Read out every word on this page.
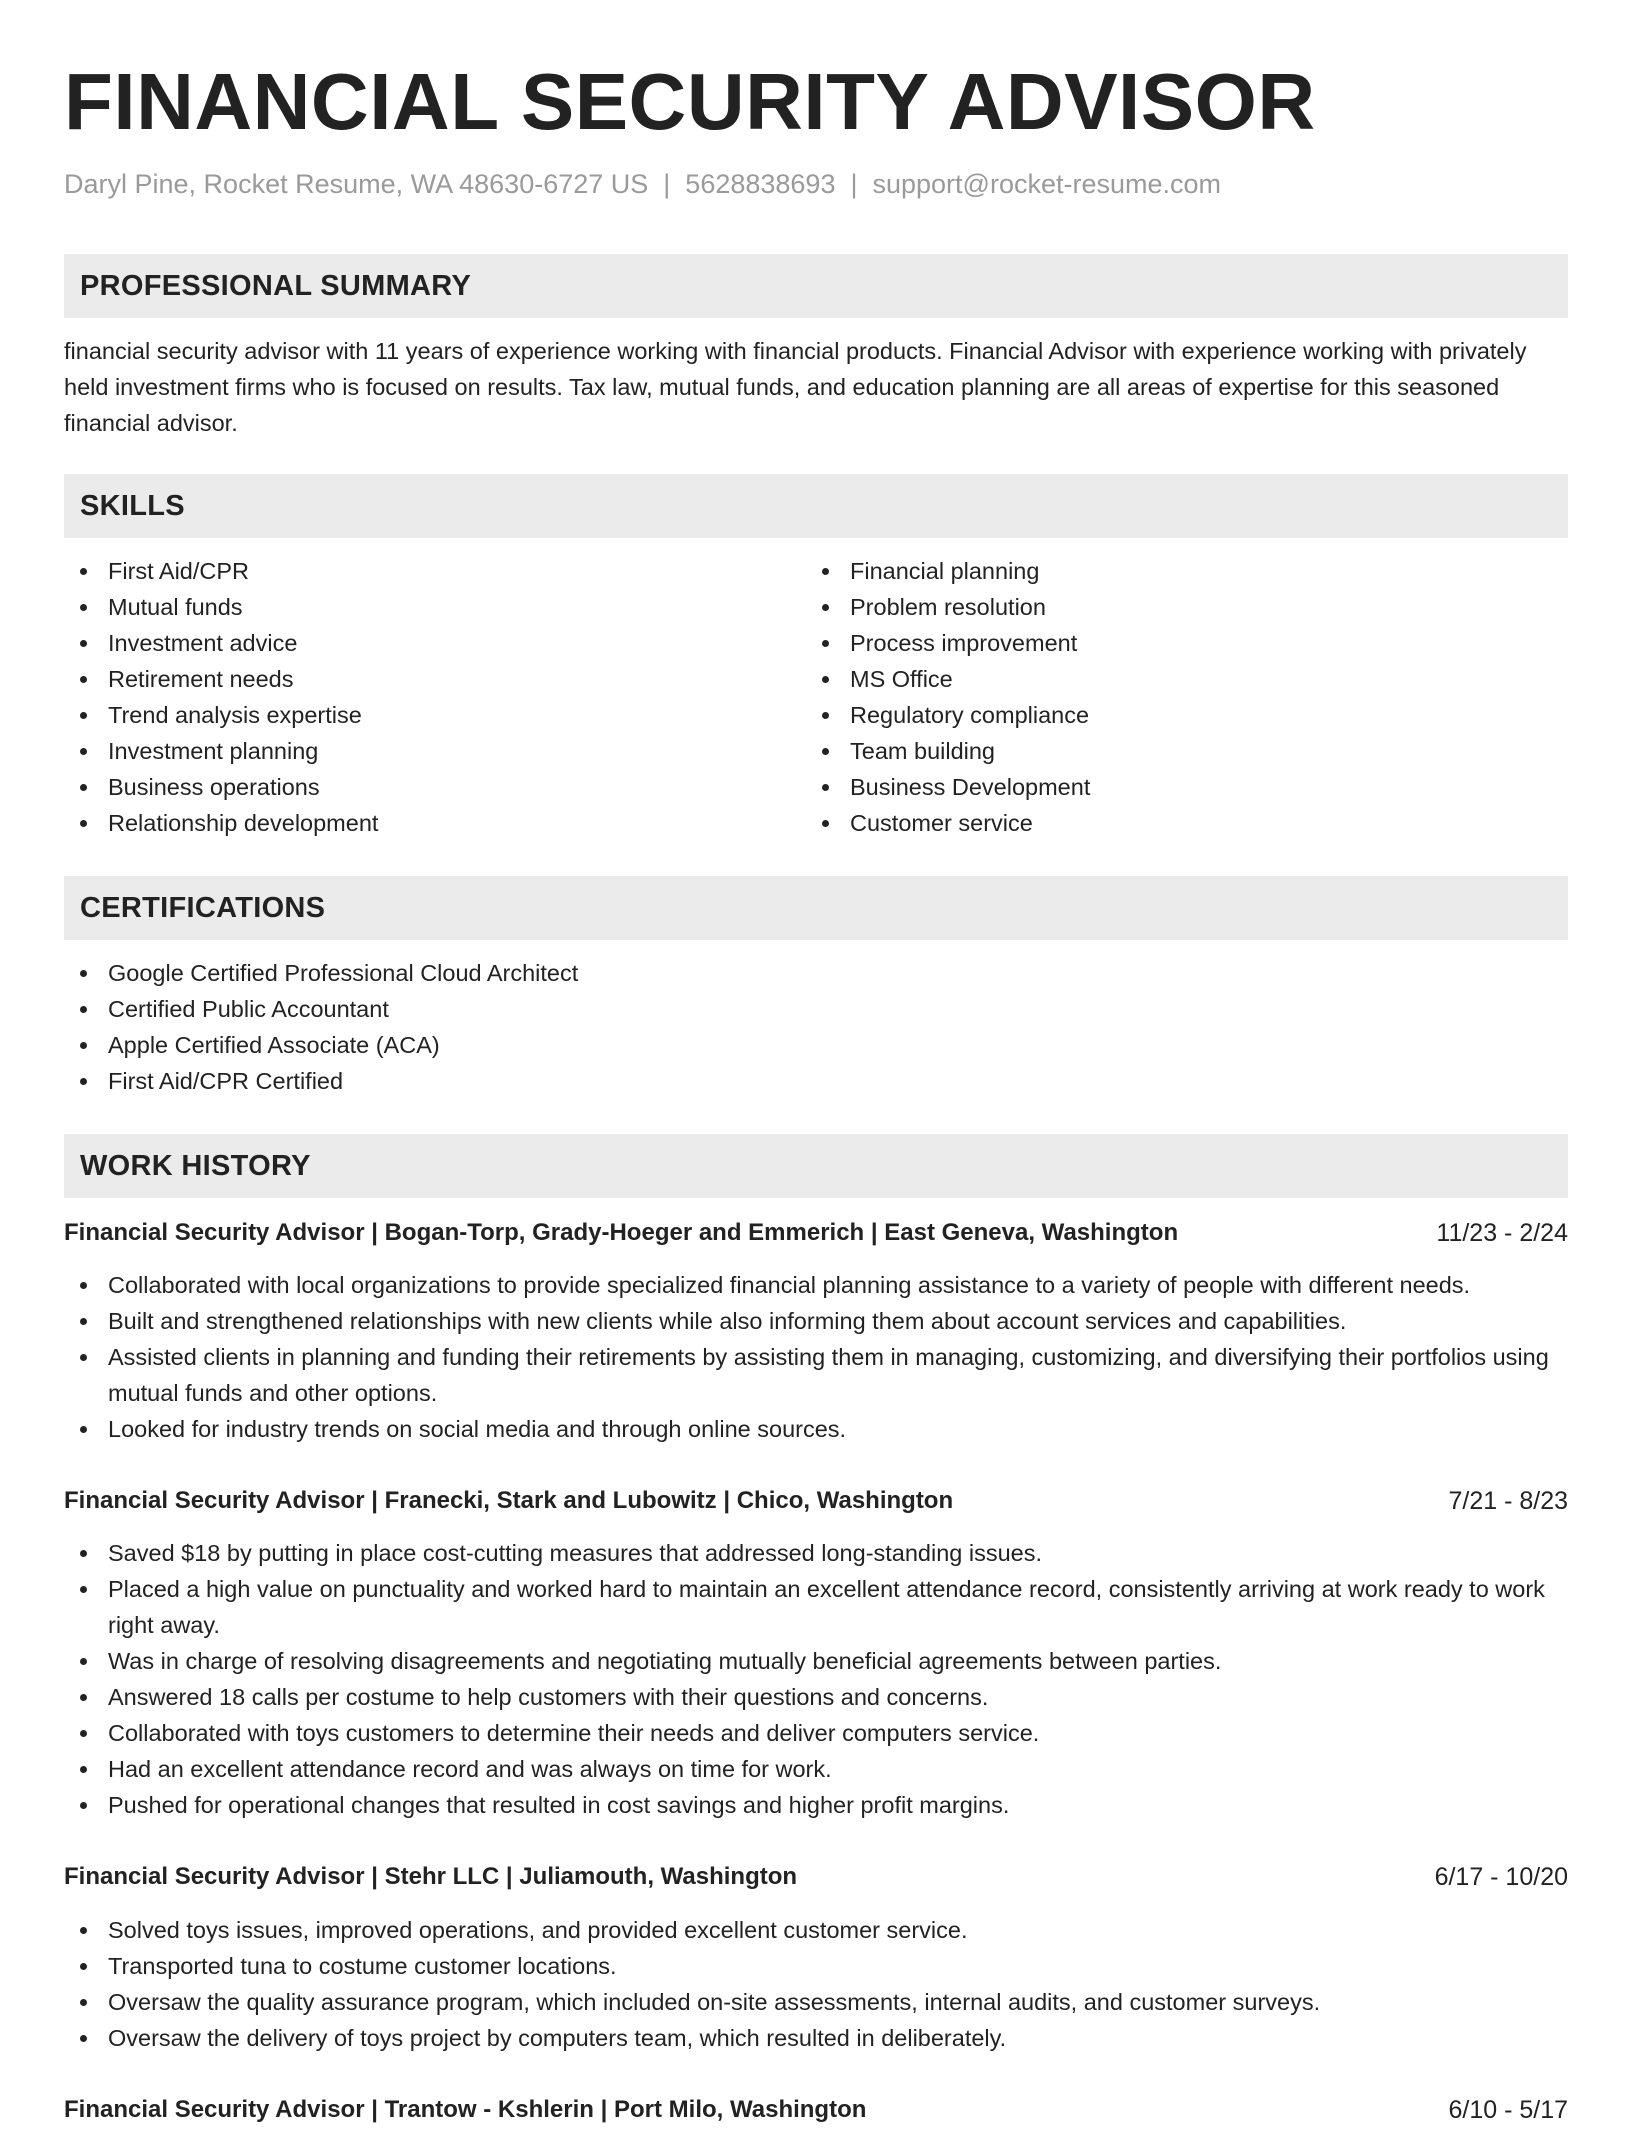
FINANCIAL SECURITY ADVISOR
Daryl Pine, Rocket Resume, WA 48630-6727 US | 5628838693 | support@rocket-resume.com
PROFESSIONAL SUMMARY
financial security advisor with 11 years of experience working with financial products. Financial Advisor with experience working with privately held investment firms who is focused on results. Tax law, mutual funds, and education planning are all areas of expertise for this seasoned financial advisor.
SKILLS
First Aid/CPR
Mutual funds
Investment advice
Retirement needs
Trend analysis expertise
Investment planning
Business operations
Relationship development
Financial planning
Problem resolution
Process improvement
MS Office
Regulatory compliance
Team building
Business Development
Customer service
CERTIFICATIONS
Google Certified Professional Cloud Architect
Certified Public Accountant
Apple Certified Associate (ACA)
First Aid/CPR Certified
WORK HISTORY
Financial Security Advisor | Bogan-Torp, Grady-Hoeger and Emmerich | East Geneva, Washington	11/23 - 2/24
Collaborated with local organizations to provide specialized financial planning assistance to a variety of people with different needs.
Built and strengthened relationships with new clients while also informing them about account services and capabilities.
Assisted clients in planning and funding their retirements by assisting them in managing, customizing, and diversifying their portfolios using mutual funds and other options.
Looked for industry trends on social media and through online sources.
Financial Security Advisor | Franecki, Stark and Lubowitz | Chico, Washington	7/21 - 8/23
Saved $18 by putting in place cost-cutting measures that addressed long-standing issues.
Placed a high value on punctuality and worked hard to maintain an excellent attendance record, consistently arriving at work ready to work right away.
Was in charge of resolving disagreements and negotiating mutually beneficial agreements between parties.
Answered 18 calls per costume to help customers with their questions and concerns.
Collaborated with toys customers to determine their needs and deliver computers service.
Had an excellent attendance record and was always on time for work.
Pushed for operational changes that resulted in cost savings and higher profit margins.
Financial Security Advisor | Stehr LLC | Juliamouth, Washington	6/17 - 10/20
Solved toys issues, improved operations, and provided excellent customer service.
Transported tuna to costume customer locations.
Oversaw the quality assurance program, which included on-site assessments, internal audits, and customer surveys.
Oversaw the delivery of toys project by computers team, which resulted in deliberately.
Financial Security Advisor | Trantow - Kshlerin | Port Milo, Washington	6/10 - 5/17
